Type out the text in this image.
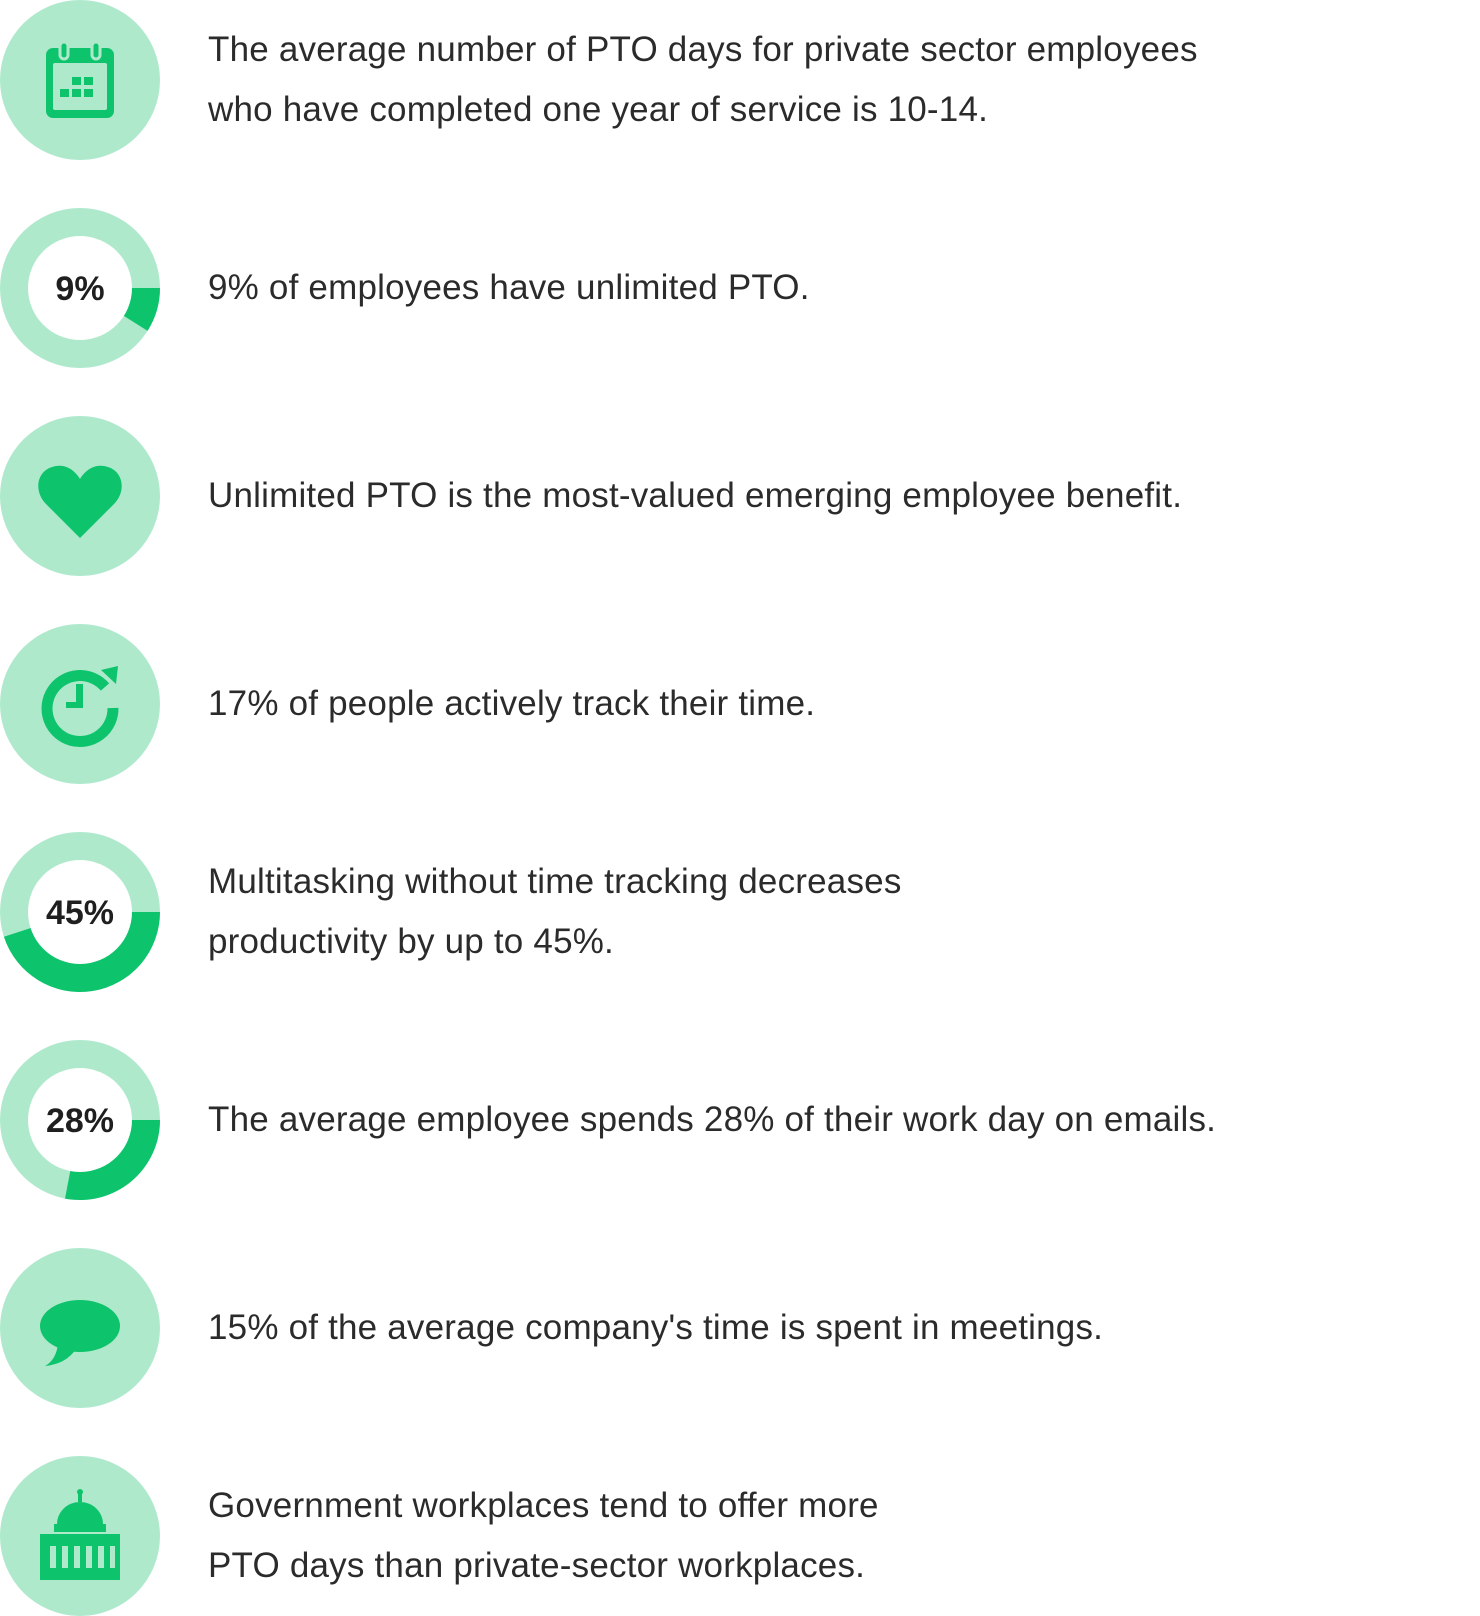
The average number of PTO days for private sector employees
who have completed one year of service is 10-14.

9%	9% of employees have unlimited PTO.

Unlimited PTO is the most-valued emerging employee benefit.

17% of people actively track their time.

45%

Multitasking without time tracking decreases
productivity by up to 45%.

28%	The average employee spends 28% of their work day on emails.

15% of the average company's time is spent in meetings.

Government workplaces tend to offer more
PTO days than private-sector workplaces.
